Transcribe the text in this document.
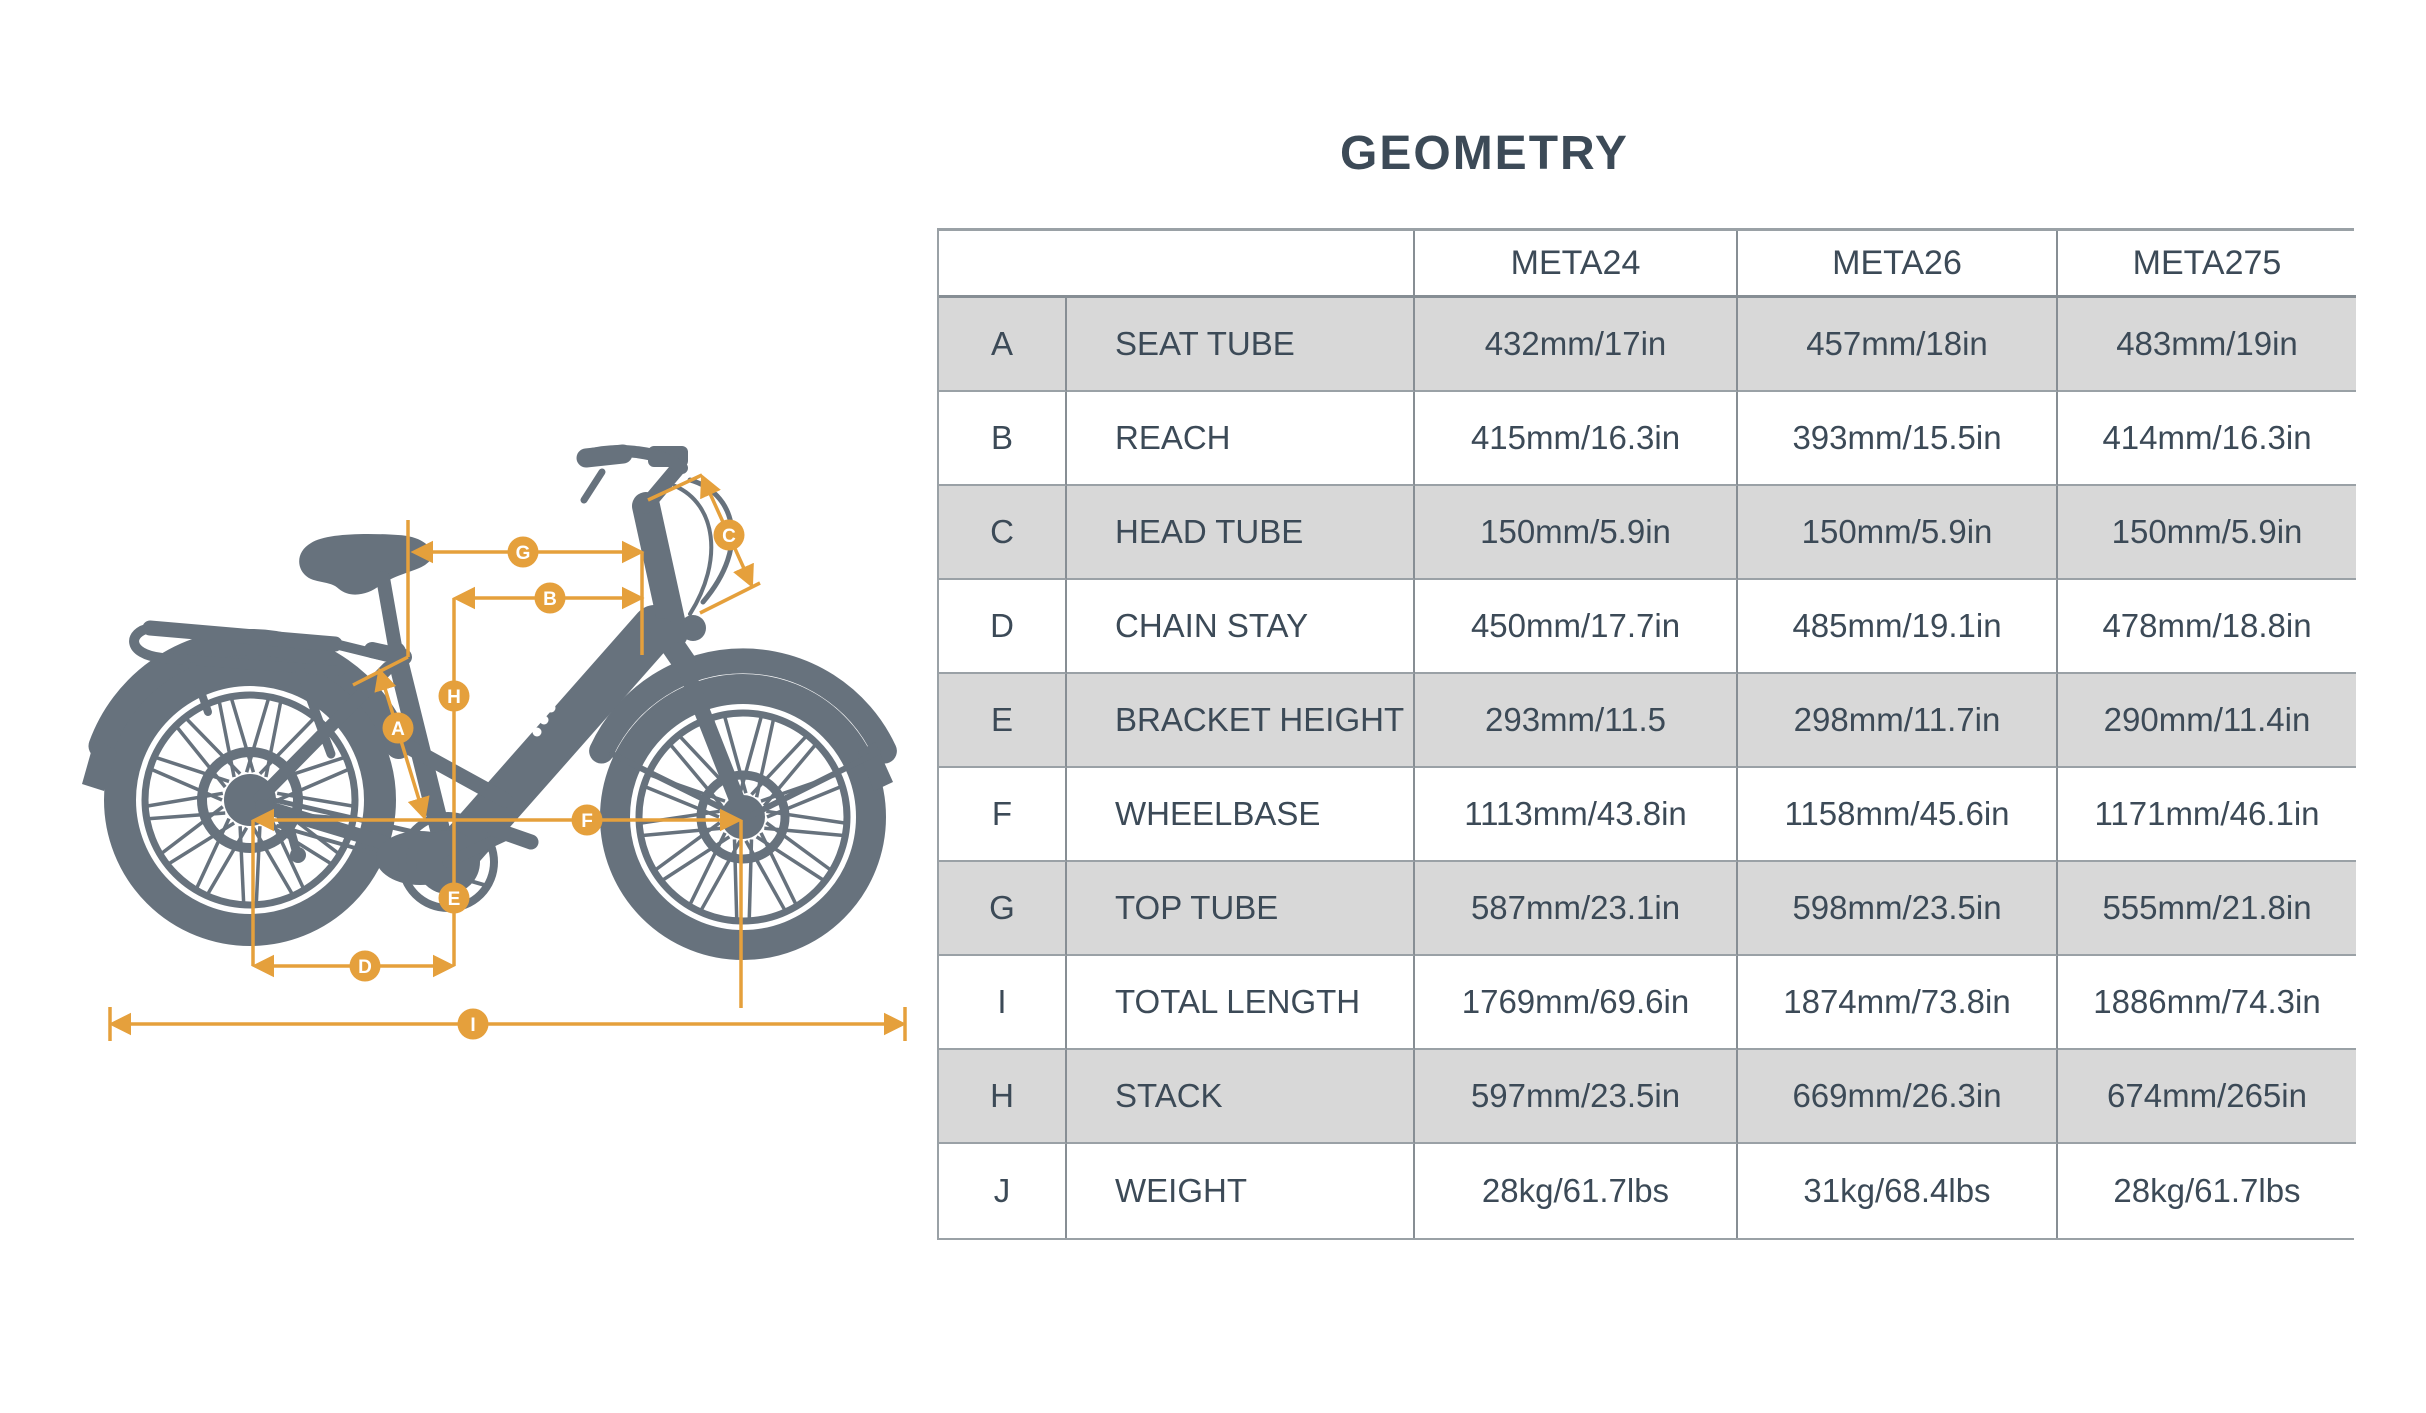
GEOMETRY
A
B
C
D
E
F
G
H
I
META24	META26	META275
A	SEAT TUBE	432mm/17in	457mm/18in	483mm/19in
B	REACH	415mm/16.3in	393mm/15.5in	414mm/16.3in
C	HEAD TUBE	150mm/5.9in	150mm/5.9in	150mm/5.9in
D	CHAIN STAY	450mm/17.7in	485mm/19.1in	478mm/18.8in
E	BRACKET HEIGHT	293mm/11.5	298mm/11.7in	290mm/11.4in
F	WHEELBASE	1113mm/43.8in	1158mm/45.6in	1171mm/46.1in
G	TOP TUBE	587mm/23.1in	598mm/23.5in	555mm/21.8in
I	TOTAL LENGTH	1769mm/69.6in	1874mm/73.8in	1886mm/74.3in
H	STACK	597mm/23.5in	669mm/26.3in	674mm/265in
J	WEIGHT	28kg/61.7lbs	31kg/68.4lbs	28kg/61.7lbs
